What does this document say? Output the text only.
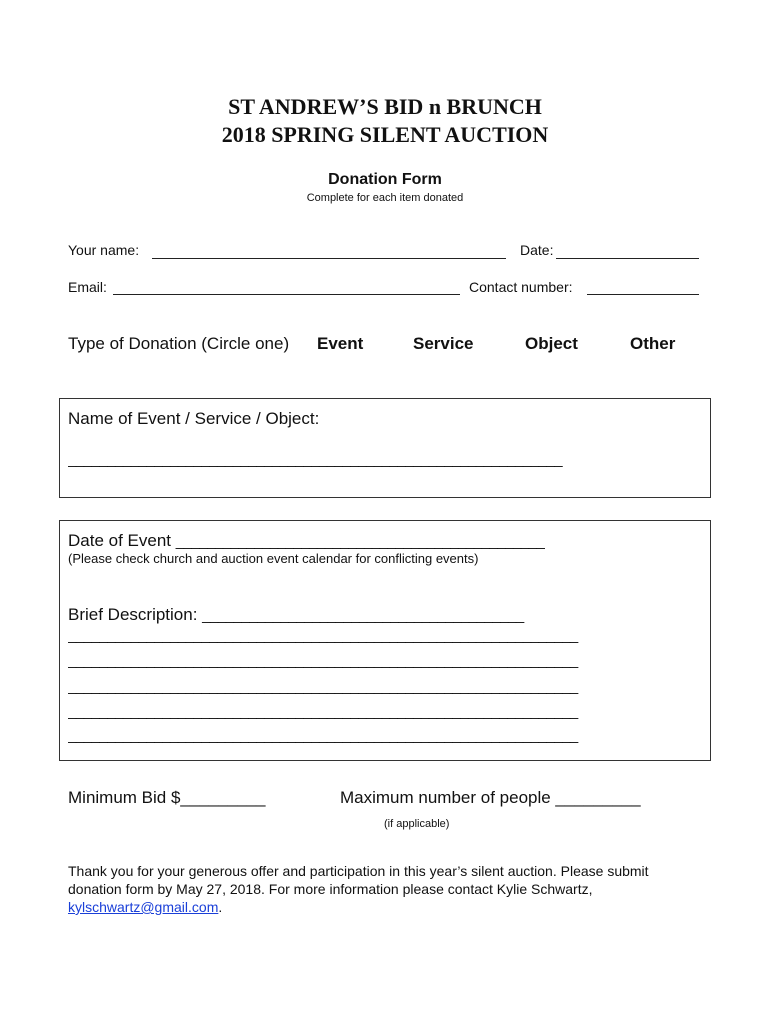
ST ANDREW’S BID n BRUNCH
2018 SPRING SILENT AUCTION
Donation Form
Complete for each item donated
Your name:	Date:
Email:	Contact number:
Type of Donation (Circle one) Event	Service	Object	Other
Name of Event / Service / Object:
_______________________________________________________________
Date of Event _______________________________________________
(Please check church and auction event calendar for conflicting events)
Brief Description: _________________________________________
_________________________________________________________________
_________________________________________________________________
_________________________________________________________________
_________________________________________________________________
_________________________________________________________________
Minimum Bid $_________	Maximum number of people _________
(if applicable)
Thank you for your generous offer and participation in this year’s silent auction. Please submit
donation form by May 27, 2018. For more information please contact Kylie Schwartz,
kylschwartz@gmail.com.
